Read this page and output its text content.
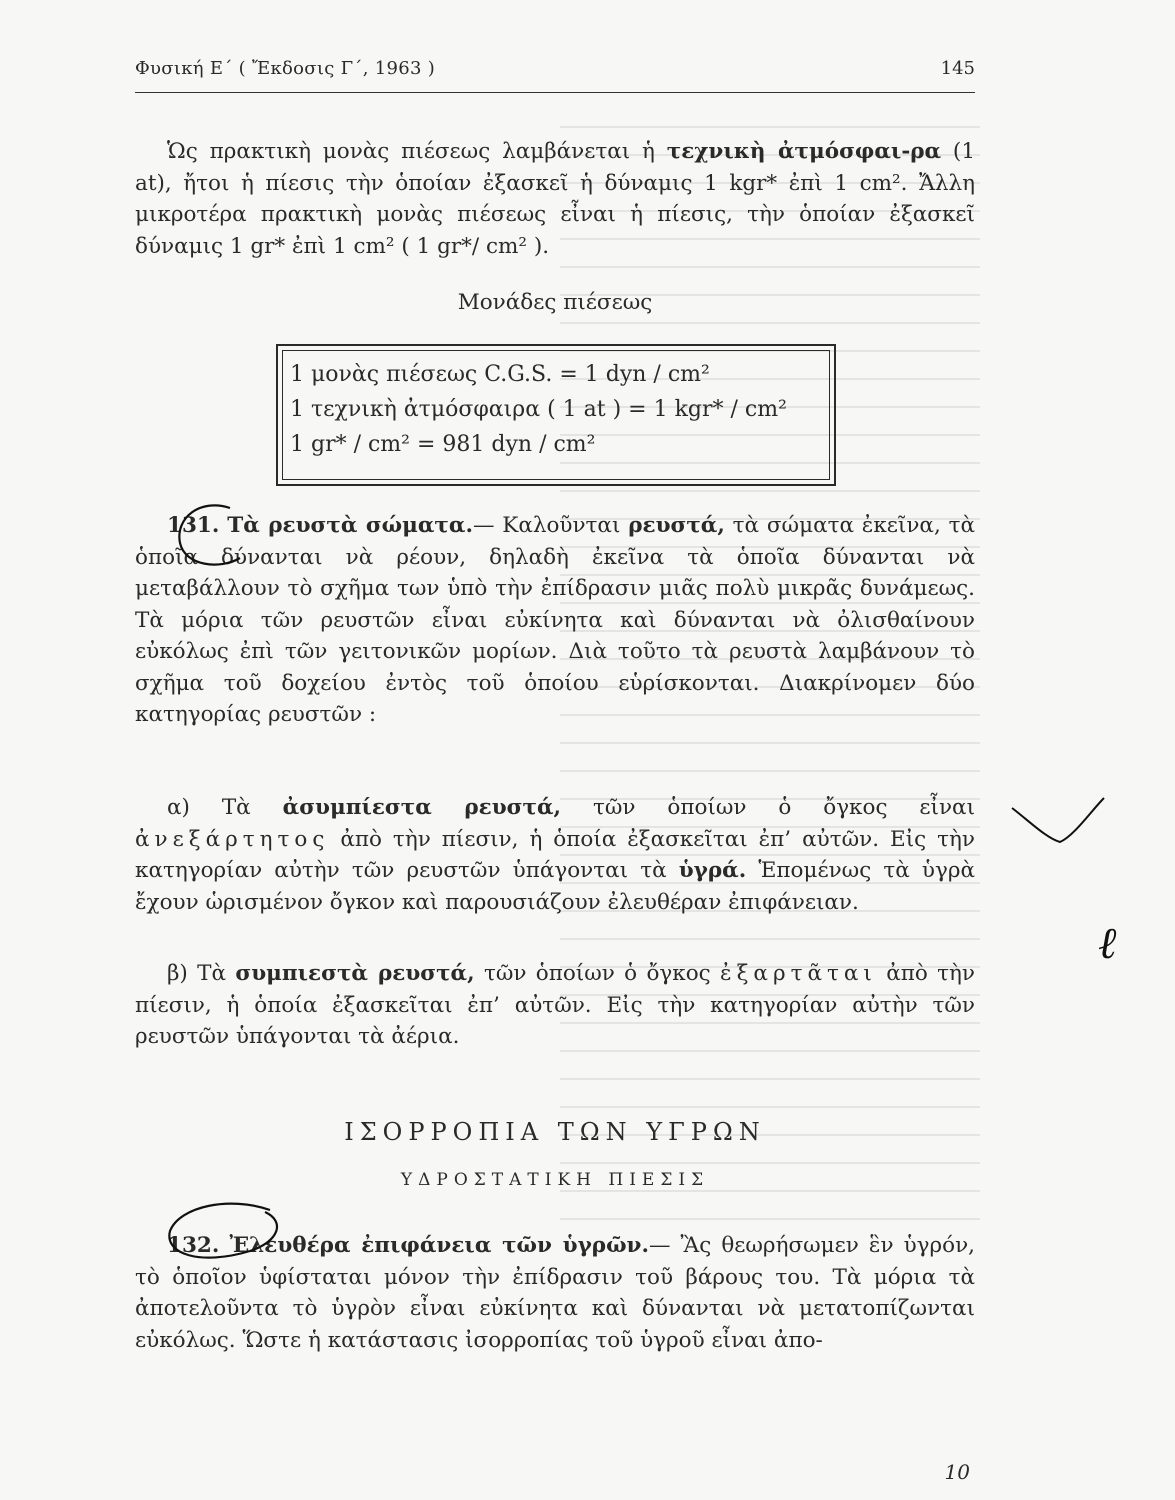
Φυσική Ε΄ ( Ἔκδοσις Γ΄, 1963 )	145
Ὡς πρακτικὴ μονὰς πιέσεως λαμβάνεται ἡ τεχνικὴ ἀτμόσφαι-ρα (1 at), ἤτοι ἡ πίεσις τὴν ὁποίαν ἐξασκεῖ ἡ δύναμις 1 kgr* ἐπὶ 1 cm². Ἄλλη μικροτέρα πρακτικὴ μονὰς πιέσεως εἶναι ἡ πίεσις, τὴν ὁποίαν ἐξασκεῖ δύναμις 1 gr* ἐπὶ 1 cm² ( 1 gr*/ cm² ).
Μονάδες πιέσεως
1 μονὰς πιέσεως C.G.S. = 1 dyn / cm²
1 τεχνικὴ ἀτμόσφαιρα ( 1 at ) = 1 kgr* / cm²
1 gr* / cm² = 981 dyn / cm²
131. Τὰ ρευστὰ σώματα.— Καλοῦνται ρευστά, τὰ σώματα ἐκεῖνα, τὰ ὁποῖα δύνανται νὰ ρέουν, δηλαδὴ ἐκεῖνα τὰ ὁποῖα δύνανται νὰ μεταβάλλουν τὸ σχῆμα των ὑπὸ τὴν ἐπίδρασιν μιᾶς πολὺ μικρᾶς δυνάμεως. Τὰ μόρια τῶν ρευστῶν εἶναι εὐκίνητα καὶ δύνανται νὰ ὀλισθαίνουν εὐκόλως ἐπὶ τῶν γειτονικῶν μορίων. Διὰ τοῦτο τὰ ρευστὰ λαμβάνουν τὸ σχῆμα τοῦ δοχείου ἐντὸς τοῦ ὁποίου εὑρίσκονται. Διακρίνομεν δύο κατηγορίας ρευστῶν :
α) Τὰ ἀσυμπίεστα ρευστά, τῶν ὁποίων ὁ ὄγκος εἶναι ἀνεξάρτητος ἀπὸ τὴν πίεσιν, ἡ ὁποία ἐξασκεῖται ἐπ’ αὐτῶν. Εἰς τὴν κατηγορίαν αὐτὴν τῶν ρευστῶν ὑπάγονται τὰ ὑγρά. Ἑπομένως τὰ ὑγρὰ ἔχουν ὡρισμένον ὄγκον καὶ παρουσιάζουν ἐλευθέραν ἐπιφάνειαν.
β) Τὰ συμπιεστὰ ρευστά, τῶν ὁποίων ὁ ὄγκος ἐξαρτᾶται ἀπὸ τὴν πίεσιν, ἡ ὁποία ἐξασκεῖται ἐπ’ αὐτῶν. Εἰς τὴν κατηγορίαν αὐτὴν τῶν ρευστῶν ὑπάγονται τὰ ἀέρια.
ΙΣΟΡΡΟΠΙΑ ΤΩΝ ΥΓΡΩΝ
ΥΔΡΟΣΤΑΤΙΚΗ ΠΙΕΣΙΣ
132. Ἐλευθέρα ἐπιφάνεια τῶν ὑγρῶν.— Ἂς θεωρήσωμεν ἓν ὑγρόν, τὸ ὁποῖον ὑφίσταται μόνον τὴν ἐπίδρασιν τοῦ βάρους του. Τὰ μόρια τὰ ἀποτελοῦντα τὸ ὑγρὸν εἶναι εὐκίνητα καὶ δύνανται νὰ μετατοπίζωνται εὐκόλως. Ὥστε ἡ κατάστασις ἰσορροπίας τοῦ ὑγροῦ εἶναι ἀπο-
10
ℓ
